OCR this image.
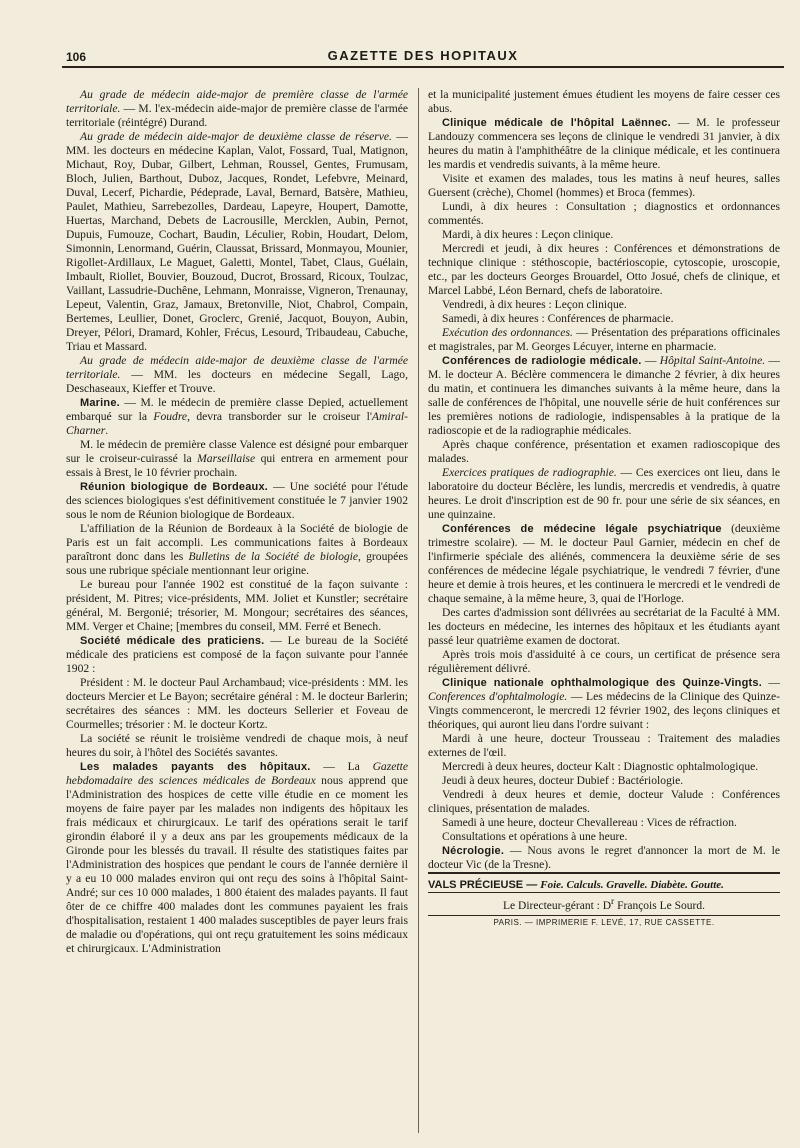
106	GAZETTE DES HOPITAUX

Au grade de médecin aide-major de première classe de l'armée territoriale. — M. l'ex-médecin aide-major de première classe de l'armée territoriale (réintégré) Durand.

Au grade de médecin aide-major de deuxième classe de réserve. — MM. les docteurs en médecine Kaplan, Valot, Fossard, Tual, Matignon, Michaut, Roy, Dubar, Gilbert, Lehman, Roussel, Gentes, Frumusam, Bloch, Julien, Barthout, Duboz, Jacques, Rondet, Lefebvre, Meinard, Duval, Lecerf, Pichardie, Pédeprade, Laval, Bernard, Batsère, Mathieu, Paulet, Mathieu, Sarrebezolles, Dardeau, Lapeyre, Houpert, Damotte, Huertas, Marchand, Debets de Lacrousille, Mercklen, Aubin, Pernot, Dupuis, Fumouze, Cochart, Baudin, Léculier, Robin, Houdart, Delom, Simonnin, Lenormand, Guérin, Claussat, Brissard, Monmayou, Mounier, Rigollet-Ardillaux, Le Maguet, Galetti, Montel, Tabet, Claus, Guélain, Imbault, Riollet, Bouvier, Bouzoud, Ducrot, Brossard, Ricoux, Toulzac, Vaillant, Lassudrie-Duchêne, Lehmann, Monraisse, Vigneron, Trenaunay, Lepeut, Valentin, Graz, Jamaux, Bretonville, Niot, Chabrol, Compain, Bertemes, Leullier, Donet, Groclerc, Grenié, Jacquot, Bouyon, Aubin, Dreyer, Pélori, Dramard, Kohler, Frécus, Lesourd, Tribaudeau, Cabuche, Triau et Massard.

Au grade de médecin aide-major de deuxième classe de l'armée territoriale. — MM. les docteurs en médecine Segall, Lago, Deschaseaux, Kieffer et Trouve.

Marine. — M. le médecin de première classe Depied, actuellement embarqué sur la Foudre, devra transborder sur le croiseur l'Amiral-Charner.

M. le médecin de première classe Valence est désigné pour embarquer sur le croiseur-cuirassé la Marseillaise qui entrera en armement pour essais à Brest, le 10 février prochain.

Réunion biologique de Bordeaux. — Une société pour l'étude des sciences biologiques s'est définitivement constituée le 7 janvier 1902 sous le nom de Réunion biologique de Bordeaux.

L'affiliation de la Réunion de Bordeaux à la Société de biologie de Paris est un fait accompli. Les communications faites à Bordeaux paraîtront donc dans les Bulletins de la Société de biologie, groupées sous une rubrique spéciale mentionnant leur origine.

Le bureau pour l'année 1902 est constitué de la façon suivante : président, M. Pitres; vice-présidents, MM. Joliet et Kunstler; secrétaire général, M. Bergonié; trésorier, M. Mongour; secrétaires des séances, MM. Verger et Chaine; [membres du conseil, MM. Ferré et Benech.

Société médicale des praticiens. — Le bureau de la Société médicale des praticiens est composé de la façon suivante pour l'année 1902 :

Président : M. le docteur Paul Archambaud; vice-présidents : MM. les docteurs Mercier et Le Bayon; secrétaire général : M. le docteur Barlerin; secrétaires des séances : MM. les docteurs Sellerier et Foveau de Courmelles; trésorier : M. le docteur Kortz.

La société se réunit le troisième vendredi de chaque mois, à neuf heures du soir, à l'hôtel des Sociétés savantes.

Les malades payants des hôpitaux. — La Gazette hebdomadaire des sciences médicales de Bordeaux nous apprend que l'Administration des hospices de cette ville étudie en ce moment les moyens de faire payer par les malades non indigents des hôpitaux les frais médicaux et chirurgicaux. Le tarif des opérations serait le tarif girondin élaboré il y a deux ans par les groupements médicaux de la Gironde pour les blessés du travail. Il résulte des statistiques faites par l'Administration des hospices que pendant le cours de l'année dernière il y a eu 10 000 malades environ qui ont reçu des soins à l'hôpital Saint-André; sur ces 10 000 malades, 1 800 étaient des malades payants. Il faut ôter de ce chiffre 400 malades dont les communes payaient les frais d'hospitalisation, restaient 1 400 malades susceptibles de payer leurs frais de maladie ou d'opérations, qui ont reçu gratuitement les soins médicaux et chirurgicaux. L'Administration

et la municipalité justement émues étudient les moyens de faire cesser ces abus.

Clinique médicale de l'hôpital Laënnec. — M. le professeur Landouzy commencera ses leçons de clinique le vendredi 31 janvier, à dix heures du matin à l'amphithéâtre de la clinique médicale, et les continuera les mardis et vendredis suivants, à la même heure.

Visite et examen des malades, tous les matins à neuf heures, salles Guersent (crèche), Chomel (hommes) et Broca (femmes).

Lundi, à dix heures : Consultation ; diagnostics et ordonnances commentés.

Mardi, à dix heures : Leçon clinique.

Mercredi et jeudi, à dix heures : Conférences et démonstrations de technique clinique : stéthoscopie, bactérioscopie, cytoscopie, uroscopie, etc., par les docteurs Georges Brouardel, Otto Josué, chefs de clinique, et Marcel Labbé, Léon Bernard, chefs de laboratoire.

Vendredi, à dix heures : Leçon clinique.

Samedi, à dix heures : Conférences de pharmacie.

Exécution des ordonnances. — Présentation des préparations officinales et magistrales, par M. Georges Lécuyer, interne en pharmacie.

Conférences de radiologie médicale. — Hôpital Saint-Antoine. — M. le docteur A. Béclère commencera le dimanche 2 février, à dix heures du matin, et continuera les dimanches suivants à la même heure, dans la salle de conférences de l'hôpital, une nouvelle série de huit conférences sur les premières notions de radiologie, indispensables à la pratique de la radioscopie et de la radiographie médicales.

Après chaque conférence, présentation et examen radioscopique des malades.

Exercices pratiques de radiographie. — Ces exercices ont lieu, dans le laboratoire du docteur Béclère, les lundis, mercredis et vendredis, à quatre heures. Le droit d'inscription est de 90 fr. pour une série de six séances, en une quinzaine.

Conférences de médecine légale psychiatrique (deuxième trimestre scolaire). — M. le docteur Paul Garnier, médecin en chef de l'infirmerie spéciale des aliénés, commencera la deuxième série de ses conférences de médecine légale psychiatrique, le vendredi 7 février, d'une heure et demie à trois heures, et les continuera le mercredi et le vendredi de chaque semaine, à la même heure, 3, quai de l'Horloge.

Des cartes d'admission sont délivrées au secrétariat de la Faculté à MM. les docteurs en médecine, les internes des hôpitaux et les étudiants ayant passé leur quatrième examen de doctorat.

Après trois mois d'assiduité à ce cours, un certificat de présence sera régulièrement délivré.

Clinique nationale ophthalmologique des Quinze-Vingts. — Conferences d'ophtalmologie. — Les médecins de la Clinique des Quinze-Vingts commenceront, le mercredi 12 février 1902, des leçons cliniques et théoriques, qui auront lieu dans l'ordre suivant :

Mardi à une heure, docteur Trousseau : Traitement des maladies externes de l'œil.

Mercredi à deux heures, docteur Kalt : Diagnostic ophtalmologique.

Jeudi à deux heures, docteur Dubief : Bactériologie.

Vendredi à deux heures et demie, docteur Valude : Conférences cliniques, présentation de malades.

Samedi à une heure, docteur Chevallereau : Vices de réfraction.

Consultations et opérations à une heure.

Nécrologie. — Nous avons le regret d'annoncer la mort de M. le docteur Vic (de la Tresne).

VALS PRÉCIEUSE — Foie. Calculs. Gravelle. Diabète. Goutte.

Le Directeur-gérant : $D^r$ François Le Sourd.

PARIS. — IMPRIMERIE F. LEVÉ, 17, RUE CASSETTE.
